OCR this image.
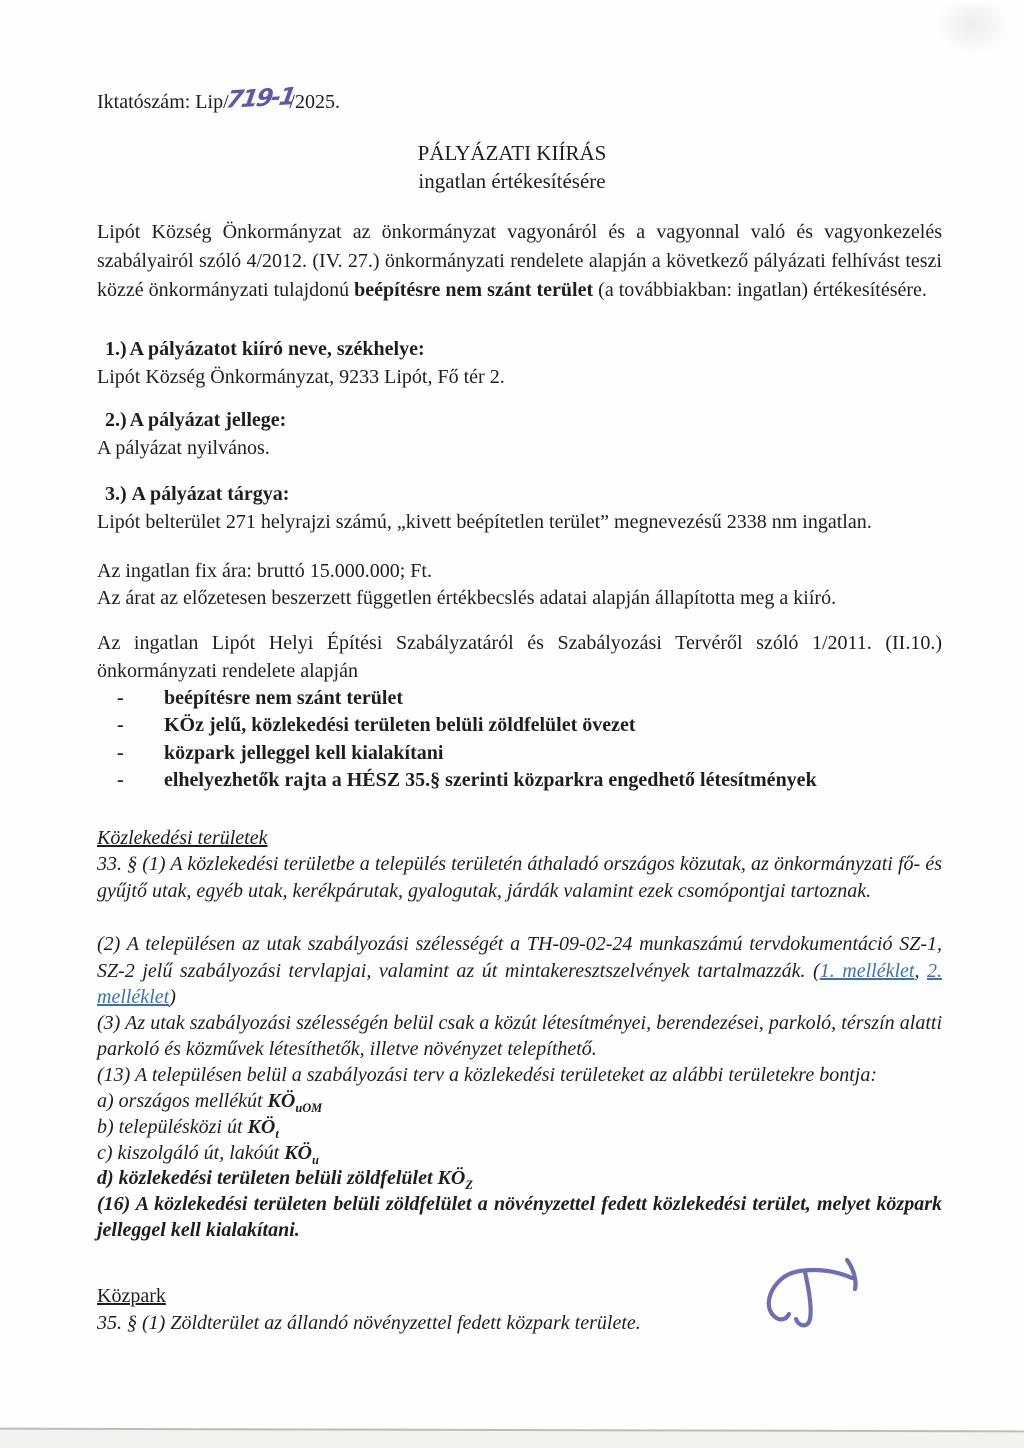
Iktatószám: Lip/719-1/2025.
PÁLYÁZATI KIÍRÁS
ingatlan értékesítésére
Lipót Község Önkormányzat az önkormányzat vagyonáról és a vagyonnal való és vagyonkezelés szabályairól szóló 4/2012. (IV. 27.) önkormányzati rendelete alapján a következő pályázati felhívást teszi közzé önkormányzati tulajdonú beépítésre nem szánt terület (a továbbiakban: ingatlan) értékesítésére.
1.) A pályázatot kiíró neve, székhelye:
Lipót Község Önkormányzat, 9233 Lipót, Fő tér 2.
2.) A pályázat jellege:
A pályázat nyilvános.
3.) A pályázat tárgya:
Lipót belterület 271 helyrajzi számú, „kivett beépítetlen terület” megnevezésű 2338 nm ingatlan.
Az ingatlan fix ára: bruttó 15.000.000; Ft.
Az árat az előzetesen beszerzett független értékbecslés adatai alapján állapította meg a kiíró.
Az ingatlan Lipót Helyi Építési Szabályzatáról és Szabályozási Tervéről szóló 1/2011. (II.10.) önkormányzati rendelete alapján
-	beépítésre nem szánt terület
-	KÖz jelű, közlekedési területen belüli zöldfelület övezet
-	közpark jelleggel kell kialakítani
-	elhelyezhetők rajta a HÉSZ 35.§ szerinti közparkra engedhető létesítmények
Közlekedési területek
33. § (1) A közlekedési területbe a település területén áthaladó országos közutak, az önkormányzati fő- és gyűjtő utak, egyéb utak, kerékpárutak, gyalogutak, járdák valamint ezek csomópontjai tartoznak.
(2) A településen az utak szabályozási szélességét a TH-09-02-24 munkaszámú tervdokumentáció SZ-1, SZ-2 jelű szabályozási tervlapjai, valamint az út mintakeresztszelvények tartalmazzák. (1. melléklet, 2. melléklet)
(3) Az utak szabályozási szélességén belül csak a közút létesítményei, berendezései, parkoló, térszín alatti parkoló és közművek létesíthetők, illetve növényzet telepíthető.
(13) A településen belül a szabályozási terv a közlekedési területeket az alábbi területekre bontja:
a) országos mellékút $KÖ_{uOM}$
b) településközi út $KÖ_t$
c) kiszolgáló út, lakóút $KÖ_u$
d) közlekedési területen belüli zöldfelület $KÖ_Z$
(16) A közlekedési területen belüli zöldfelület a növényzettel fedett közlekedési terület, melyet közpark jelleggel kell kialakítani.
Közpark
35. § (1) Zöldterület az állandó növényzettel fedett közpark területe.
